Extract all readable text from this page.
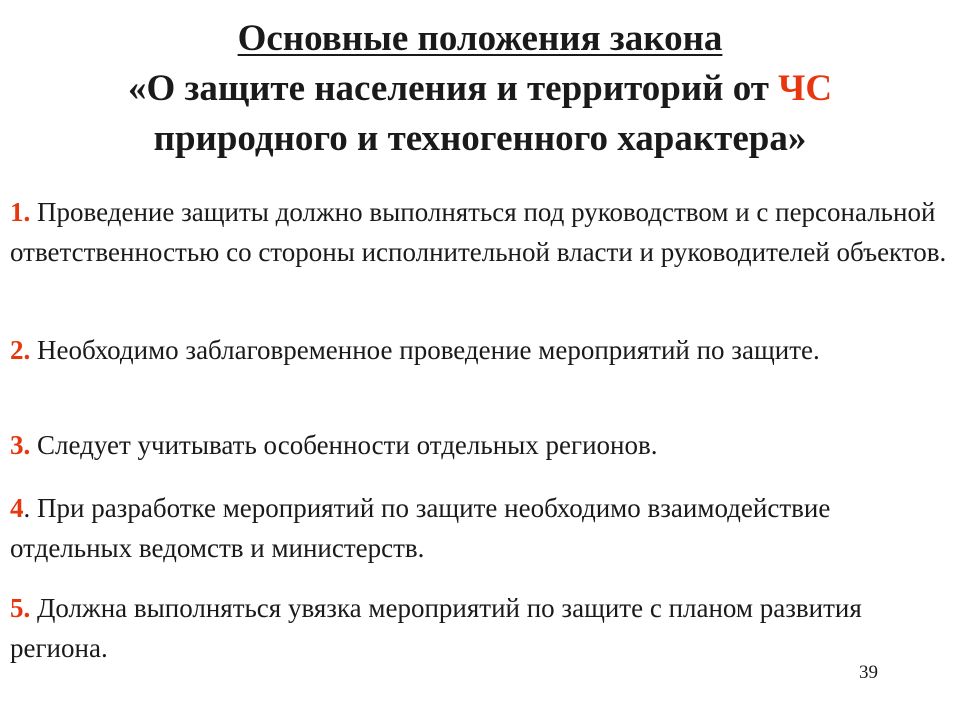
Основные положения закона
«О защите населения и территорий от ЧС
природного и техногенного характера»
1. Проведение защиты должно выполняться под руководством и с персональной ответственностью со стороны исполнительной власти и руководителей объектов.
2. Необходимо заблаговременное проведение мероприятий по защите.
3. Следует учитывать особенности отдельных регионов.
4. При разработке мероприятий по защите необходимо взаимодействие отдельных ведомств и министерств.
5. Должна выполняться увязка мероприятий по защите с планом развития региона.
39
